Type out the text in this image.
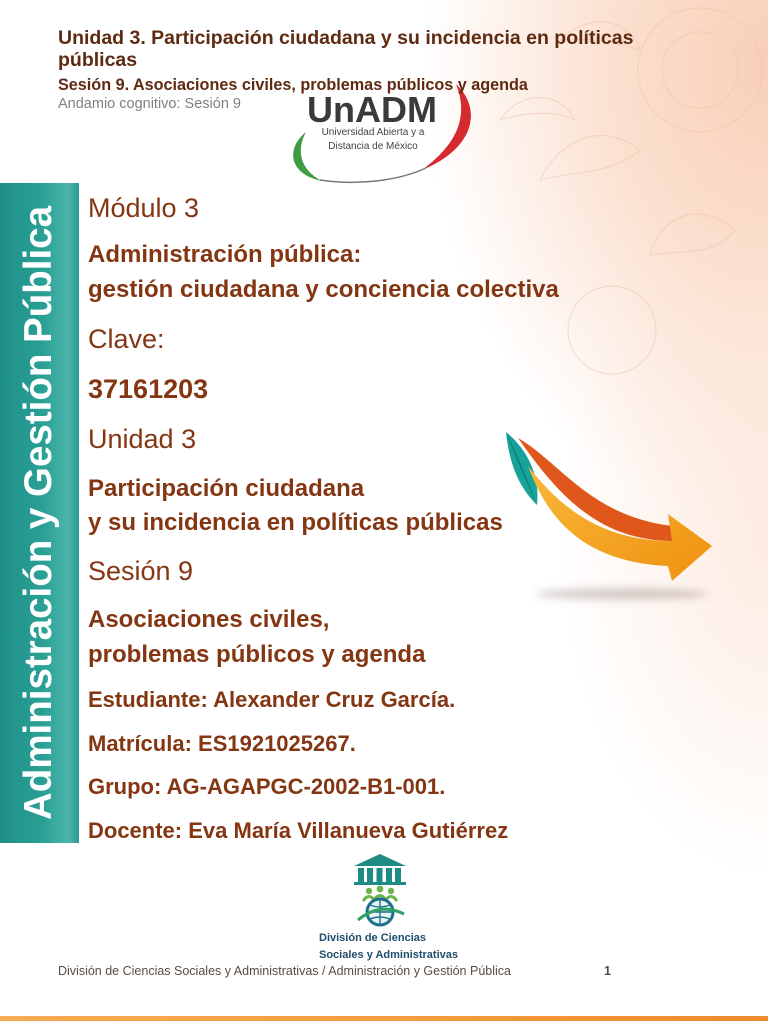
Unidad 3. Participación ciudadana y su incidencia en políticas públicas

Sesión 9. Asociaciones civiles, problemas públicos y agenda

Andamio cognitivo: Sesión 9 UnADM

Universidad Abierta y a

Distancia de México

Administración y Gestión Pública Módulo 3

Administración pública:

gestión ciudadana y conciencia colectiva

Clave:

37161203

Unidad 3

Participación ciudadana

y su incidencia en políticas públicas

Sesión 9

Asociaciones civiles,

problemas públicos y agenda

Estudiante: Alexander Cruz García.

Matrícula: ES1921025267.

Grupo: AG-AGAPGC-2002-B1-001.

Docente: Eva María Villanueva Gutiérrez

División de Ciencias

Sociales y Administrativas

División de Ciencias Sociales y Administrativas / Administración y Gestión Pública	1
